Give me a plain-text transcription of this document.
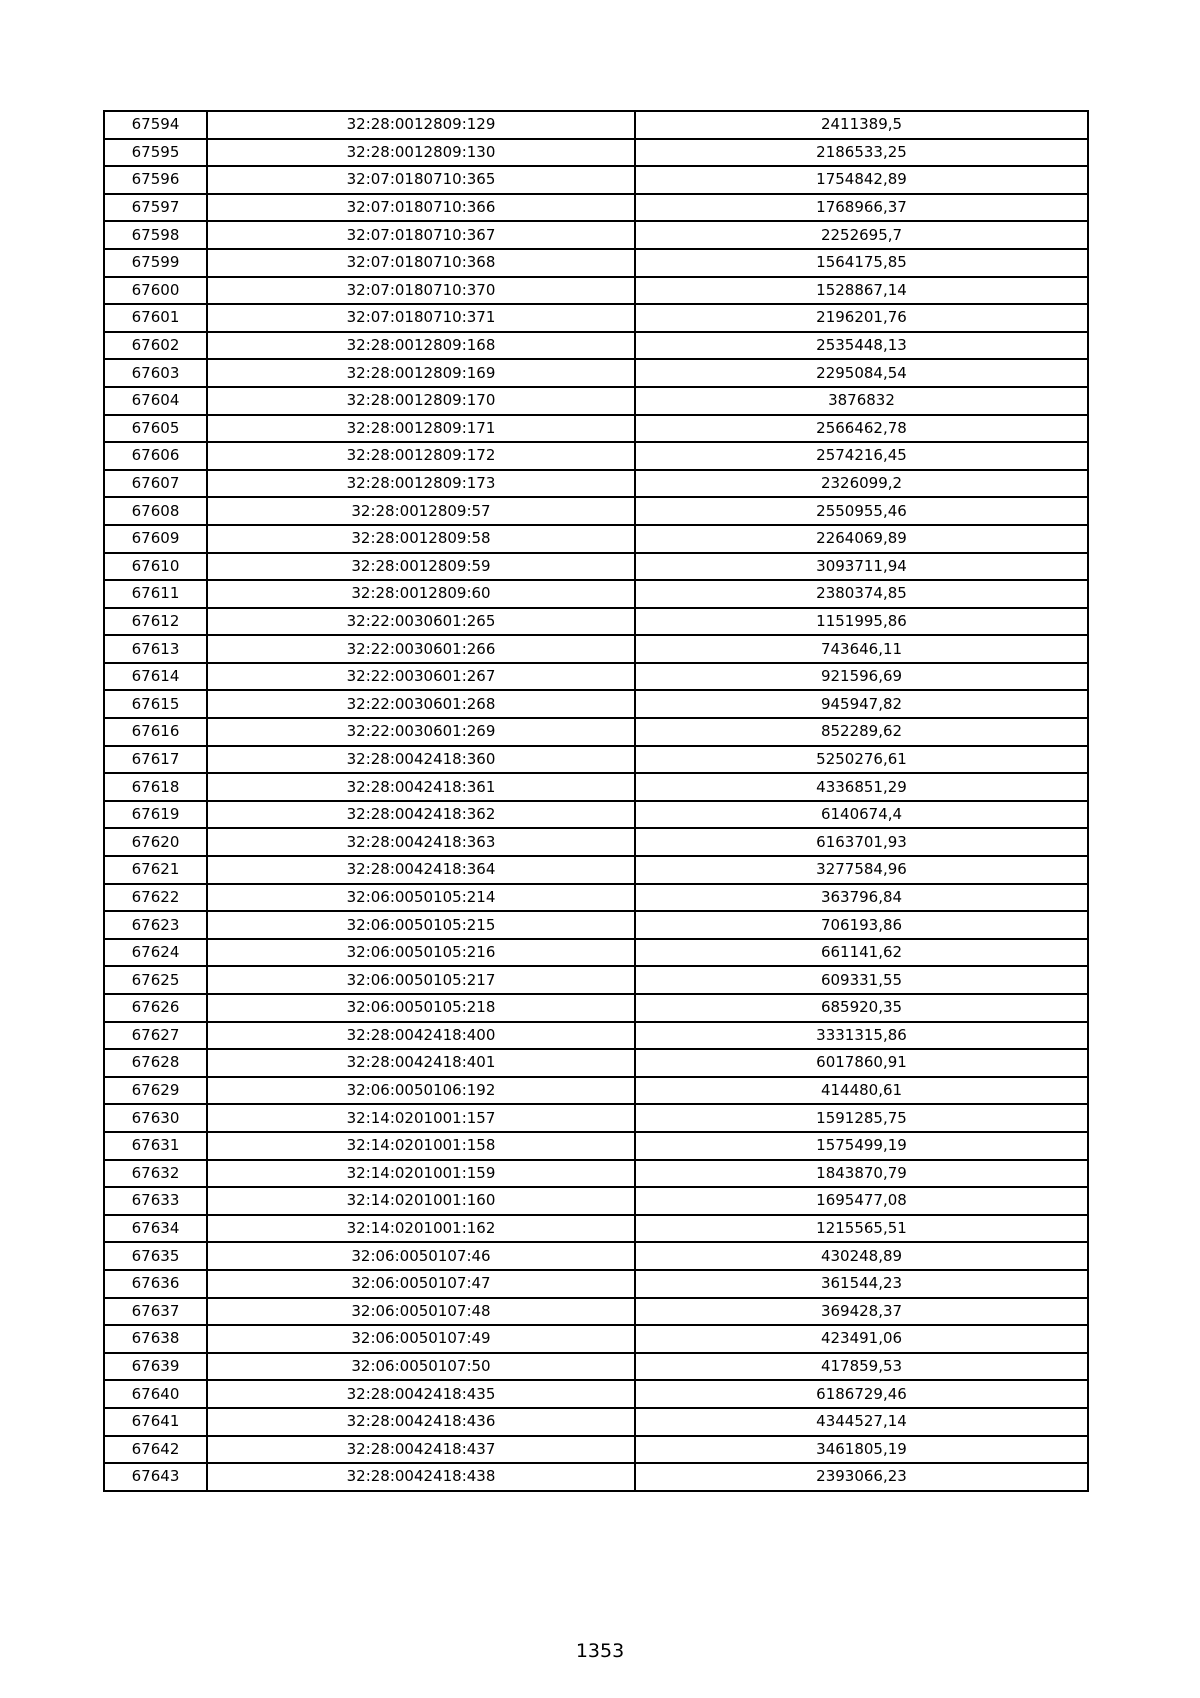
67594	32:28:0012809:129	2411389,5
67595	32:28:0012809:130	2186533,25
67596	32:07:0180710:365	1754842,89
67597	32:07:0180710:366	1768966,37
67598	32:07:0180710:367	2252695,7
67599	32:07:0180710:368	1564175,85
67600	32:07:0180710:370	1528867,14
67601	32:07:0180710:371	2196201,76
67602	32:28:0012809:168	2535448,13
67603	32:28:0012809:169	2295084,54
67604	32:28:0012809:170	3876832
67605	32:28:0012809:171	2566462,78
67606	32:28:0012809:172	2574216,45
67607	32:28:0012809:173	2326099,2
67608	32:28:0012809:57	2550955,46
67609	32:28:0012809:58	2264069,89
67610	32:28:0012809:59	3093711,94
67611	32:28:0012809:60	2380374,85
67612	32:22:0030601:265	1151995,86
67613	32:22:0030601:266	743646,11
67614	32:22:0030601:267	921596,69
67615	32:22:0030601:268	945947,82
67616	32:22:0030601:269	852289,62
67617	32:28:0042418:360	5250276,61
67618	32:28:0042418:361	4336851,29
67619	32:28:0042418:362	6140674,4
67620	32:28:0042418:363	6163701,93
67621	32:28:0042418:364	3277584,96
67622	32:06:0050105:214	363796,84
67623	32:06:0050105:215	706193,86
67624	32:06:0050105:216	661141,62
67625	32:06:0050105:217	609331,55
67626	32:06:0050105:218	685920,35
67627	32:28:0042418:400	3331315,86
67628	32:28:0042418:401	6017860,91
67629	32:06:0050106:192	414480,61
67630	32:14:0201001:157	1591285,75
67631	32:14:0201001:158	1575499,19
67632	32:14:0201001:159	1843870,79
67633	32:14:0201001:160	1695477,08
67634	32:14:0201001:162	1215565,51
67635	32:06:0050107:46	430248,89
67636	32:06:0050107:47	361544,23
67637	32:06:0050107:48	369428,37
67638	32:06:0050107:49	423491,06
67639	32:06:0050107:50	417859,53
67640	32:28:0042418:435	6186729,46
67641	32:28:0042418:436	4344527,14
67642	32:28:0042418:437	3461805,19
67643	32:28:0042418:438	2393066,23
1353
